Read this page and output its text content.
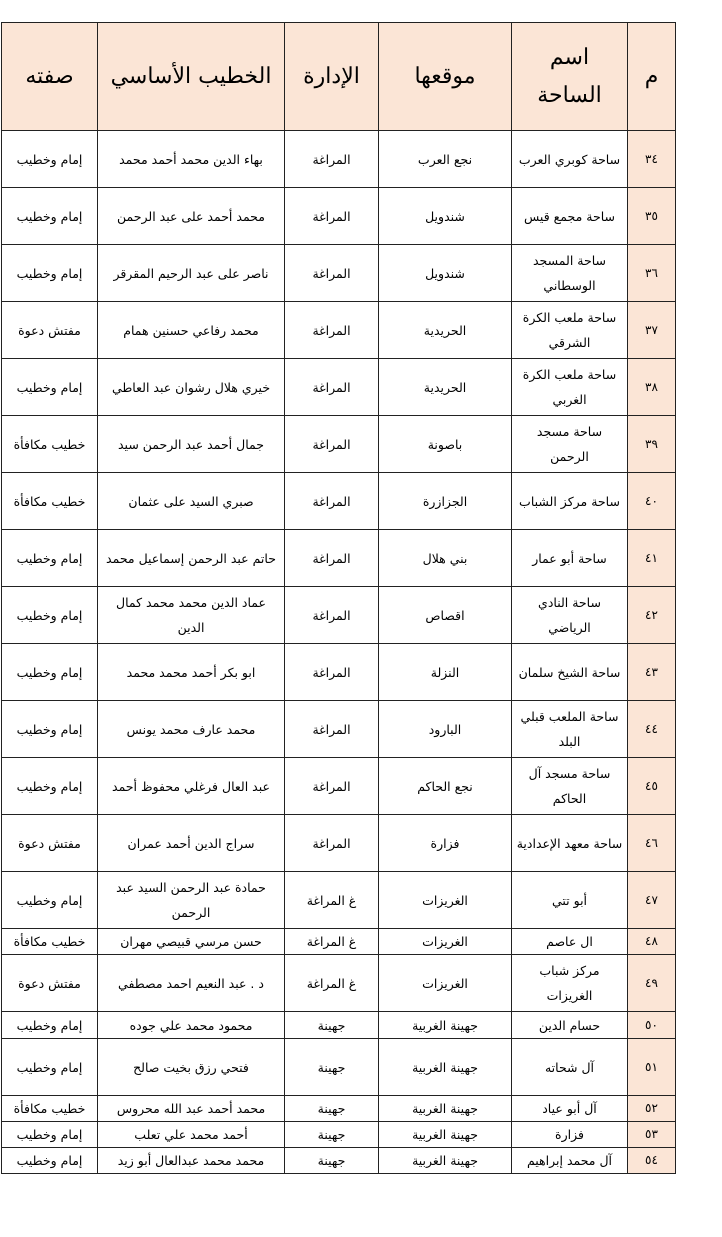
م	اسم الساحة	موقعها	الإدارة	الخطيب الأساسي	صفته
٣٤	ساحة كوبري العرب	نجع العرب	المراغة	بهاء الدين محمد أحمد محمد	إمام وخطيب
٣٥	ساحة مجمع قيس	شندويل	المراغة	محمد أحمد على عبد الرحمن	إمام وخطيب
٣٦	ساحة المسجد الوسطاني	شندويل	المراغة	ناصر على عبد الرحيم المقرقر	إمام وخطيب
٣٧	ساحة ملعب الكرة الشرقي	الحريدية	المراغة	محمد رفاعي حسنين همام	مفتش دعوة
٣٨	ساحة ملعب الكرة الغربي	الحريدية	المراغة	خيري هلال رشوان عبد العاطي	إمام وخطيب
٣٩	ساحة مسجد الرحمن	باصونة	المراغة	جمال أحمد عبد الرحمن سيد	خطيب مكافأة
٤٠	ساحة مركز الشباب	الجزازرة	المراغة	صبري السيد على عثمان	خطيب مكافأة
٤١	ساحة أبو عمار	بني هلال	المراغة	حاتم عبد الرحمن إسماعيل محمد	إمام وخطيب
٤٢	ساحة النادي الرياضي	اقصاص	المراغة	عماد الدين محمد محمد كمال الدين	إمام وخطيب
٤٣	ساحة الشيخ سلمان	النزلة	المراغة	ابو بكر أحمد محمد محمد	إمام وخطيب
٤٤	ساحة الملعب قبلي البلد	البارود	المراغة	محمد عارف محمد يونس	إمام وخطيب
٤٥	ساحة مسجد آل الحاكم	نجع الحاكم	المراغة	عبد العال فرغلي محفوظ أحمد	إمام وخطيب
٤٦	ساحة معهد الإعدادية	فزارة	المراغة	سراج الدين أحمد عمران	مفتش دعوة
٤٧	أبو تتي	الغريزات	غ المراغة	حمادة عبد الرحمن السيد عبد الرحمن	إمام وخطيب
٤٨	ال عاصم	الغريزات	غ المراغة	حسن مرسي قبيصي مهران	خطيب مكافأة
٤٩	مركز شباب الغريزات	الغريزات	غ المراغة	د . عبد النعيم احمد مصطفي	مفتش دعوة
٥٠	حسام الدين	جهينة الغربية	جهينة	محمود محمد علي جوده	إمام وخطيب
٥١	آل شحاته	جهينة الغربية	جهينة	فتحي رزق بخيت صالح	إمام وخطيب
٥٢	آل أبو عياد	جهينة الغربية	جهينة	محمد أحمد عبد الله محروس	خطيب مكافأة
٥٣	فزارة	جهينة الغربية	جهينة	أحمد محمد علي تعلب	إمام وخطيب
٥٤	آل محمد إبراهيم	جهينة الغربية	جهينة	محمد محمد عبدالعال أبو زيد	إمام وخطيب
